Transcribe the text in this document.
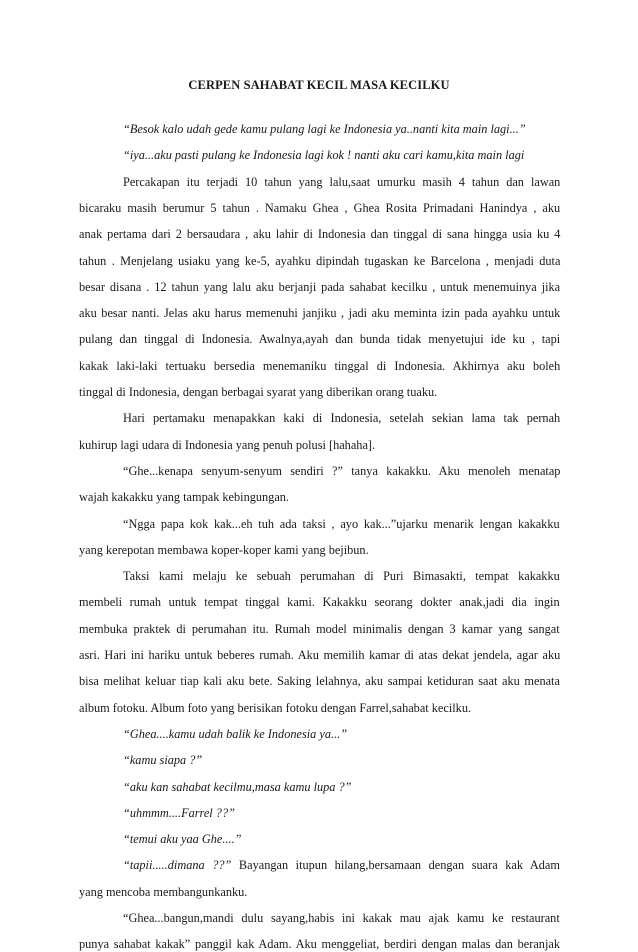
CERPEN SAHABAT KECIL MASA KECILKU
“Besok kalo udah gede kamu pulang lagi ke Indonesia ya..nanti kita main lagi...”
“iya...aku pasti pulang ke Indonesia lagi kok ! nanti aku cari kamu,kita main lagi
Percakapan itu terjadi 10 tahun yang lalu,saat umurku masih 4 tahun dan lawan
bicaraku masih berumur 5 tahun . Namaku Ghea , Ghea Rosita Primadani Hanindya , aku
anak pertama dari 2 bersaudara , aku lahir di Indonesia dan tinggal di sana hingga usia ku 4
tahun . Menjelang usiaku yang ke-5, ayahku dipindah tugaskan ke Barcelona , menjadi duta
besar disana . 12 tahun yang lalu aku berjanji pada sahabat kecilku , untuk menemuinya jika
aku besar nanti. Jelas aku harus memenuhi janjiku , jadi aku meminta izin pada ayahku untuk
pulang dan tinggal di Indonesia. Awalnya,ayah dan bunda tidak menyetujui ide ku , tapi
kakak laki-laki tertuaku bersedia menemaniku tinggal di Indonesia. Akhirnya aku boleh
tinggal di Indonesia, dengan berbagai syarat yang diberikan orang tuaku.
Hari pertamaku menapakkan kaki di Indonesia, setelah sekian lama tak pernah
kuhirup lagi udara di Indonesia yang penuh polusi [hahaha].
“Ghe...kenapa senyum-senyum sendiri ?” tanya kakakku. Aku menoleh menatap
wajah kakakku yang tampak kebingungan.
“Ngga papa kok kak...eh tuh ada taksi , ayo kak...”ujarku menarik lengan kakakku
yang kerepotan membawa koper-koper kami yang bejibun.
Taksi kami melaju ke sebuah perumahan di Puri Bimasakti, tempat kakakku
membeli rumah untuk tempat tinggal kami. Kakakku seorang dokter anak,jadi dia ingin
membuka praktek di perumahan itu. Rumah model minimalis dengan 3 kamar yang sangat
asri. Hari ini hariku untuk beberes rumah. Aku memilih kamar di atas dekat jendela, agar aku
bisa melihat keluar tiap kali aku bete. Saking lelahnya, aku sampai ketiduran saat aku menata
album fotoku. Album foto yang berisikan fotoku dengan Farrel,sahabat kecilku.
“Ghea....kamu udah balik ke Indonesia ya...”
“kamu siapa ?”
“aku kan sahabat kecilmu,masa kamu lupa ?”
“uhmmm....Farrel ??”
“temui aku yaa Ghe....”
“tapii.....dimana ??” Bayangan itupun hilang,bersamaan dengan suara kak Adam
yang mencoba membangunkanku.
“Ghea...bangun,mandi dulu sayang,habis ini kakak mau ajak kamu ke restaurant
punya sahabat kakak” panggil kak Adam. Aku menggeliat, berdiri dengan malas dan beranjak
